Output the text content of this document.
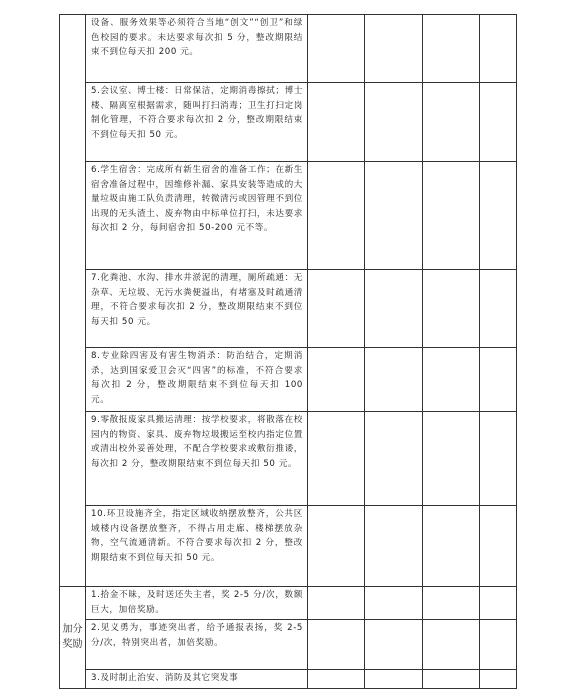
	设备、服务效果等必须符合当地“创文”“创卫”和绿色校园的要求。未达要求每次扣 5 分，整改期限结束不到位每天扣 200 元。				

	5.会议室、博士楼：日常保洁，定期消毒擦拭；博士楼、隔离室根据需求，随叫打扫消毒；卫生打扫定岗制化管理，不符合要求每次扣 2 分，整改期限结束不到位每天扣 50 元。				

	6.学生宿舍：完成所有新生宿舍的准备工作；在新生宿舍准备过程中，因维修补漏、家具安装等造成的大量垃圾由施工队负责清理，转微清污或因管理不到位出现的无头渣土、废弃物由中标单位打扫，未达要求每次扣 2 分，每间宿舍扣 50-200 元不等。				

	7.化粪池、水沟、排水井淤泥的清理，厕所疏通：无杂草、无垃圾、无污水粪便溢出，有堵塞及时疏通清理，不符合要求每次扣 2 分，整改期限结束不到位每天扣 50 元。				

	8.专业除四害及有害生物消杀：防治结合，定期消杀，达到国家爱卫会灭“四害”的标准，不符合要求每次扣 2 分，整改期限结束不到位每天扣 100 元。				

	9.零散报废家具搬运清理：按学校要求，将散落在校园内的物资、家具、废弃物垃圾搬运至校内指定位置或清出校外妥善处理，不配合学校要求或敷衍推诿，每次扣 2 分，整改期限结束不到位每天扣 50 元。				

	10.环卫设施齐全，指定区域收纳摆放整齐，公共区域楼内设备摆放整齐，不得占用走廊、楼梯摆放杂物，空气流通清新。不符合要求每次扣 2 分，整改期限结束不到位每天扣 50 元。				

加分奖励	1.拾金不昧，及时送还失主者，奖 2-5 分/次，数额巨大，加倍奖励。				

	2.见义勇为，事迹突出者，给予通报表扬，奖 2-5 分/次，特别突出者，加倍奖励。				

	3.及时制止治安、消防及其它突发事				
